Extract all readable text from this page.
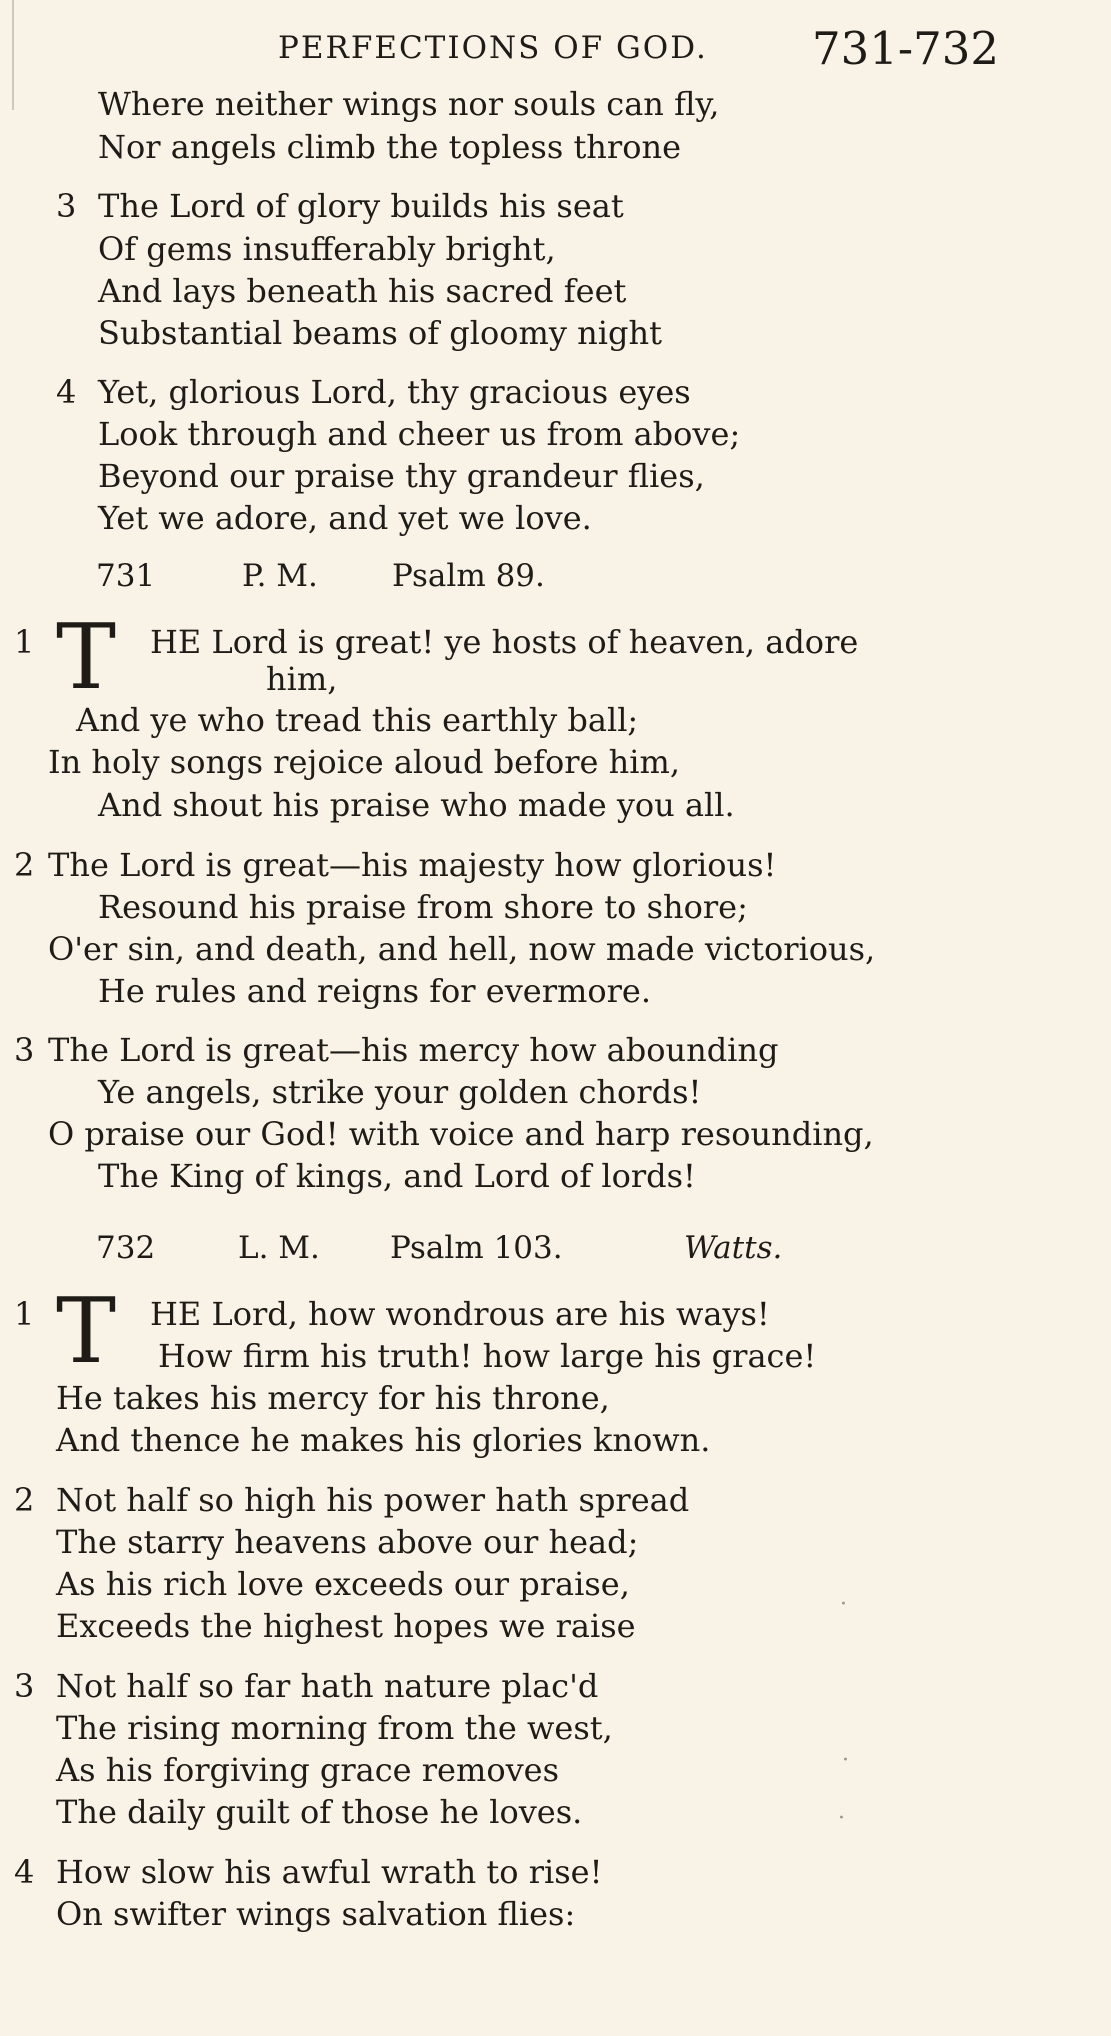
PERFECTIONS OF GOD. 731-732
Where neither wings nor souls can fly,
Nor angels climb the topless throne
3 The Lord of glory builds his seat
Of gems insufferably bright,
And lays beneath his sacred feet
Substantial beams of gloomy night
4 Yet, glorious Lord, thy gracious eyes
Look through and cheer us from above;
Beyond our praise thy grandeur flies,
Yet we adore, and yet we love.
731	P. M. Psalm 89.
1 T HE Lord is great! ye hosts of heaven, adore
him,
And ye who tread this earthly ball;
In holy songs rejoice aloud before him,
And shout his praise who made you all.
2 The Lord is great—his majesty how glorious!
Resound his praise from shore to shore;
O'er sin, and death, and hell, now made victorious,
He rules and reigns for evermore.
3 The Lord is great—his mercy how abounding
Ye angels, strike your golden chords!
O praise our God! with voice and harp resounding,
The King of kings, and Lord of lords!
732	L. M. Psalm 103.	Watts.
1 T HE Lord, how wondrous are his ways!
How firm his truth! how large his grace!
He takes his mercy for his throne,
And thence he makes his glories known.
2 Not half so high his power hath spread
The starry heavens above our head;
As his rich love exceeds our praise,
Exceeds the highest hopes we raise
3 Not half so far hath nature plac'd
The rising morning from the west,
As his forgiving grace removes
The daily guilt of those he loves.
4 How slow his awful wrath to rise!
On swifter wings salvation flies:
·
·
·
